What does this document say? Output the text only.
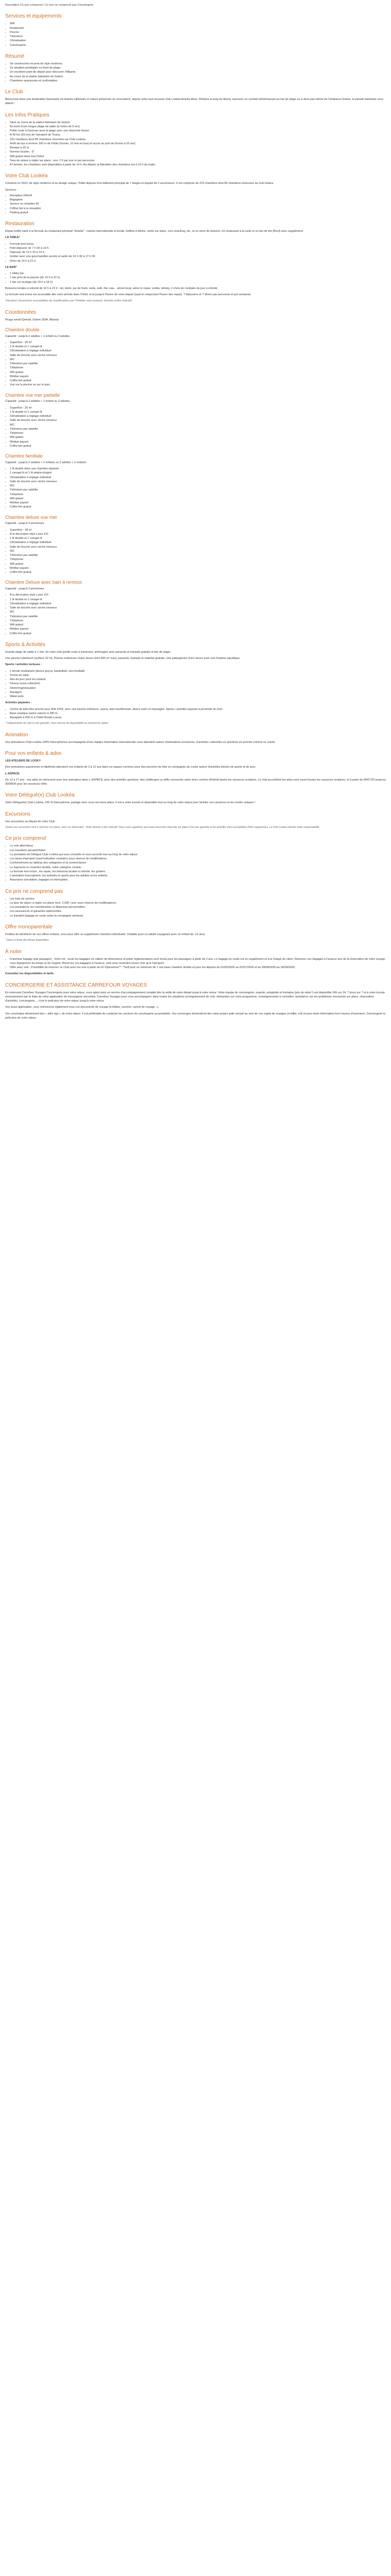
Description Ce prix comprend / Ce prix ne comprend pas Conciergerie

Services et équipements
• Wifi
• Restaurant
• Piscine
• Télévision
• Climatisation
• Conciergerie
Résumé
• Se construction récente de style moderne.
• Se situation privilégiée en bord de plage.
• Un excellent point de départ pour découvrir l'Albanie.
• Au coeur de la station balnéaire de Golem.
• Chambres spacieuses et confortables.
Le Club

Bienvenue dans une destination fascinante où histoire millénaire et nature préservée se rencontrent, depuis votre tout nouveau club Lookéa Amelia Mare. Piédans la long du littoral, savourez un cocktail rafraîchissant au bar de plage ou à deux pas même de l'ambiance festive, la parade balnéaire vous attend !

Les Infos Pratiques
• Situé au coeur de la station balnéaire de Golem.
• Au bord d'une longue plage de sable (à moins de 5 mn).
• Petite route à traverser pour la plage avec une descente douce.
• À 45 km (50 mn) de l'aéroport de Tirana.
• 223 chambres dont 85 chambres réservées au Club Lookéa.
• Arrêt de bus à environ 300 m de l'hôtel (Durrës, 10 min en bus) et accès au port de Durrës à 25 mn).
• Banque à 20 m.
• Normes locales : 5*
• Wifi gratuit dans tout l'hôtel.
• Taxe de séjour à régler sur place : env. 2 € par jour et par personne.
• À l'arrivée, les chambres sont disponibles à partir de 14 h. Au départ, la libération des chambres est à 10 h du matin.
Votre Club Lookéa

Construit en 2023, de style moderne et au design unique, l'hôtel dispose d'un bâtiment principal de 7 étages et équipé de 2 ascenseurs. Il est composé de 223 chambres dont 85 chambres réservées au club lookea.

Services :

• Réception 24h/24
• Bagagerie
• Service en chambre 82
• Coffret fort à la réception
• Parking gratuit
Restauration

Repas buffet varié à la formule au restaurant principal "Amelia" : cuisine internationale et locale, buffets à thème, vente sur place, coin snacking, etc. et un verre de boisson. Un restaurant à la carte et un bar de toit (Roof) avec supplément.

LA TABLE*

• Formule tout inclus
• Petit déjeuner de 7 h 30 à 10 h.
• Déjeuner de 12 h 30 à 14 h.
• Goûter avec une gourmandise sucrée et salée de 16 h 30 à 17 h 30.
• Dîner de 19 h à 21 h.

LE BAR*

• 1 lobby bar.
• 1 bar près de la piscine (de 10 h à 22 h).
• 1 bar sur la plage (de 10 h à 18 h).

Boissons locales à volonté de 10 h à 22 h : vin, bière, jus de fruits, soda, café, thé, eau... alcool local, selon le repas, vodka, whisky, 2 choix de cocktails du jour à volonté.

La formule tout inclus est accessible dès votre arrivée dans l'hôtel, et la jusqu'à l'heure de votre départ (sauf en respectant l'heure des repas). 7 déjeuners et 7 dîners par personne et par semaine).

*Horaires d'ouverture susceptibles de modifications par l'hôtelier sans préavis, donnés à titre indicatif.

Coordonnées

Rruga Ismail Qemali, Golem 2504, Albania

Chambre double

Capacité : jusqu'à 2 adultes + 1 enfant ou 3 adultes.

• Superficie : 25 m²
• 1 lit double et 1 canapé lit
• Climatisation à réglage individuel
• Salle de douche avec sèche-cheveux
• WC
• Télévision par satellite
• Téléphone
• Wifi gratuit
• Minibar payant
• Coffre-fort gratuit
• Vue sur la piscine ou sur le parc
Chambre vue mer partielle

Capacité : jusqu'à 2 adultes + 1 enfant ou 3 adultes.

• Superficie : 25 m²
• 1 lit double et 1 canapé lit
• Climatisation à réglage individuel
• Salle de douche avec sèche-cheveux
• WC
• Télévision par satellite
• Téléphone
• Wifi gratuit
• Minibar payant
• Coffre-fort gratuit
Chambre familiale

Capacité : jusqu'à 2 adultes + 2 enfants ou 2 adultes + 2 enfants.

• 1 lit double dans une chambre séparée
• 1 canapé lit et 1 lit simple éloigné
• Climatisation à réglage individuel
• Salle de douche avec sèche-cheveux
• WC
• Télévision par satellite
• Téléphone
• Wifi gratuit
• Minibar payant
• Coffre-fort gratuit
Chambre deluxe vue mer

Capacité : jusqu'à 3 personnes

• Superficie : 38 m²
• À la décoration style Louis XVI
• 1 lit double et 1 canapé lit
• Climatisation à réglage individuel
• Salle de douche avec sèche-cheveux
• WC
• Télévision par satellite
• Téléphone
• Wifi gratuit
• Minibar payant
• Coffre-fort gratuit
Chambre Deluxe avec bain à remous

Capacité : jusqu'à 3 personnes

• À la décoration style Louis XVI
• 1 lit double et 1 canapé lit
• Climatisation à réglage individuel
• Salle de douche avec sèche-cheveux
• WC
• Télévision par satellite
• Téléphone
• Wifi gratuit
• Minibar payant
• Coffre-fort gratuit
Sports & Activités

Grande plage de sable à 1 min. de votre club (petite route à traverser), aménagée avec parasols et transats gratuits et bar de plage.

Une piscine extérieure (surface 32 m). Piscine extérieure chaux douce (très 500 m² max), parasols, transats et matelas gratuits. Une pataugeoire (1ère douce avec une fontaine aquatique.

Sports / activités incluses :

• 1 terrain multisports (tennis goyou, basketball, mini-football)
• Tennis de table
• Aire de jeux pour les enfants
• Fitness (sous collective)
• Stretching/relaxation
• Aquagym
• Water-polo

Activités payantes :

• Centre de bien-être proche pour 5Db 2024, avec une piscine intérieure, sauna, bain bouillonnant, divers soins et massages. Sports / activités payants à proximité du club :
• Base nautique (selon saison) à 200 m.
• Aquapark à 500 m à l'hôtel Bonita Luxury

* Indépendants du club et non garantis, sous réserve de disponibilité au moment du séjour.

Animation

Vos animateurs Club Lookéa 100% francophones accompagnés d'une équipe d'animation internationale vous attendent autour d'animations exclusives, d'activités culturelles ou sportives en journée comme en soirée.

Pour vos enfants & ados

LES ATELIERS DE LOOKY

Des animateurs passionnés et diplômés attendent vos enfants de 3 à 12 ans dans un espace commun pour des journées de folie en compagnie de Looky autour d'activités divisés de sports et de jeux.

L-ASPACE

De 13 à 17 ans : vos ados se retrouvent avec leur animateur dans L-ASPACE, pour des activités sportives, des challenges ou défis connectés selon leurs centres d'intérêt basés les vacances scolaires. Le club accueillant les ados sont ouvert toutes les vacances scolaires, et à partir du 04/07/26 jusqu'au 30/08/26 pour les vacances d'été.

Votre Délégué(e) Club Lookéa

Votre Délégué(e) Club Lookéa, 100 % francophone, partage avec vous ses bons plans. Il est à votre écoute et disponible tout au long de votre séjour pour faciliter vos vacances et les rendre uniques !

Excursions

Vos excursions au départ de votre Club :

Toutes nos excursions sont à réserver sur place, voire sur demandes. Tarifs donnés à titre indicatif. Nous vous rappelons que toute excursion réservée sur place n'est pas garantie et les activités sont susceptibles d'être supprimées. Le Club Lookea décline toute responsabilité.

Ce prix comprend
• Le vols aller/retour
• Les transferts aéroport/hôtel
• La prestation du Délégué Club Lookéa qui vous conseille et vous accorde tout au long de votre séjour.
• Les taxes d'aéroport (sauf indication contraire) sous réserve de modifications.
• Conformément au tableau des catégories et la nomenclature
• Le logement en chambre double, selon catégorie choisie.
• La formule tout inclus ; les repas, les boissons locales à volonté, les goûters.
• L'animation francophone, les activités et sports pour les adultes et les enfants.
• Assurance annulation, bagages et interruption.
Ce prix ne comprend pas
• Les frais de service.
• La taxe de séjour à régler sur place (env. 2,30€ / jour, sous réserve de modifications).
• Les prestations non mentionnées et dépenses personnelles.
• Les assurances et garanties optionnelles.
• Le transfert bagage en soute selon la compagnie aérienne.
Offre monoparentale

Profitez de bénéficier de nos offres enfants, vous pour offrir un supplément chambre individuelle. (Valable pour un adulte voyageant avec un enfant de -12 ans).

* Dans la limite des lits/ais disponibles.

À noter
• Franchise bagage (par passager) : Votre vol : seuls les bagages en cabine de dimensions et poids réglementaires sont inclus pour les passagers à partir de 2 ans. Le bagage en soute est en supplément et à la charge du client. Réservez vos bagages à l'avance lors de la réservation de votre voyage, vous épargnerez du temps et de l'argent. Réservez vos bagages à l'avance, cela vous reviendra moins cher qu'à l'aéroport.
• Offre avec vols : Possibilité de réserver ce Club avec les vols à partir de 02 €/personne**. *Tarif pour un minimum de 1 nuit base chambre double et pour les départs du 01/05/2026 au 02/07/2026 et du 28/08/2026 au 30/09/2026.

Consultez les disponibilités et tarifs.

CONCIERGERIE ET ASSISTANCE CARREFOUR VOYAGES

En réservant Carrefour Voyages Conciergerie pour votre séjour, vous optez pour un service d'accompagnement complet dès la veille de votre départ jusqu'à votre retour. Votre équipe de conciergerie, experte, polyglotte et humaine (joie de rebel !) est disponible 24h sur 24, 7 jours sur 7 et à votre écoute exclusivement par le biais de votre application de messagerie sécurisée, Carrefour Voyages pour vous accompagner dans toutes les situations (enregistrement de vols, demandes sur votre programme, renseignements à connaître, assistance sur les problèmes rencontrés sur place, réservation d'activités, conciergerie..., c'est le petit plus de votre séjour jusqu'à votre retour.

Vos aussi application, vous retrouverez également tous vos documents de voyage (e-billets, voucher, carnet de voyage...).

Vos concierges deviennent des « alter ego » de votre séjour. Il est préférable de contacter les services de conciergerie au préalable. Vos concierges deviendront des votre propre petit conseil au sein de vos sujets de voyages (e-billet, vol) et pour toute information hors heures d'ouverture. Conciergerie le petit plus de votre séjour.
